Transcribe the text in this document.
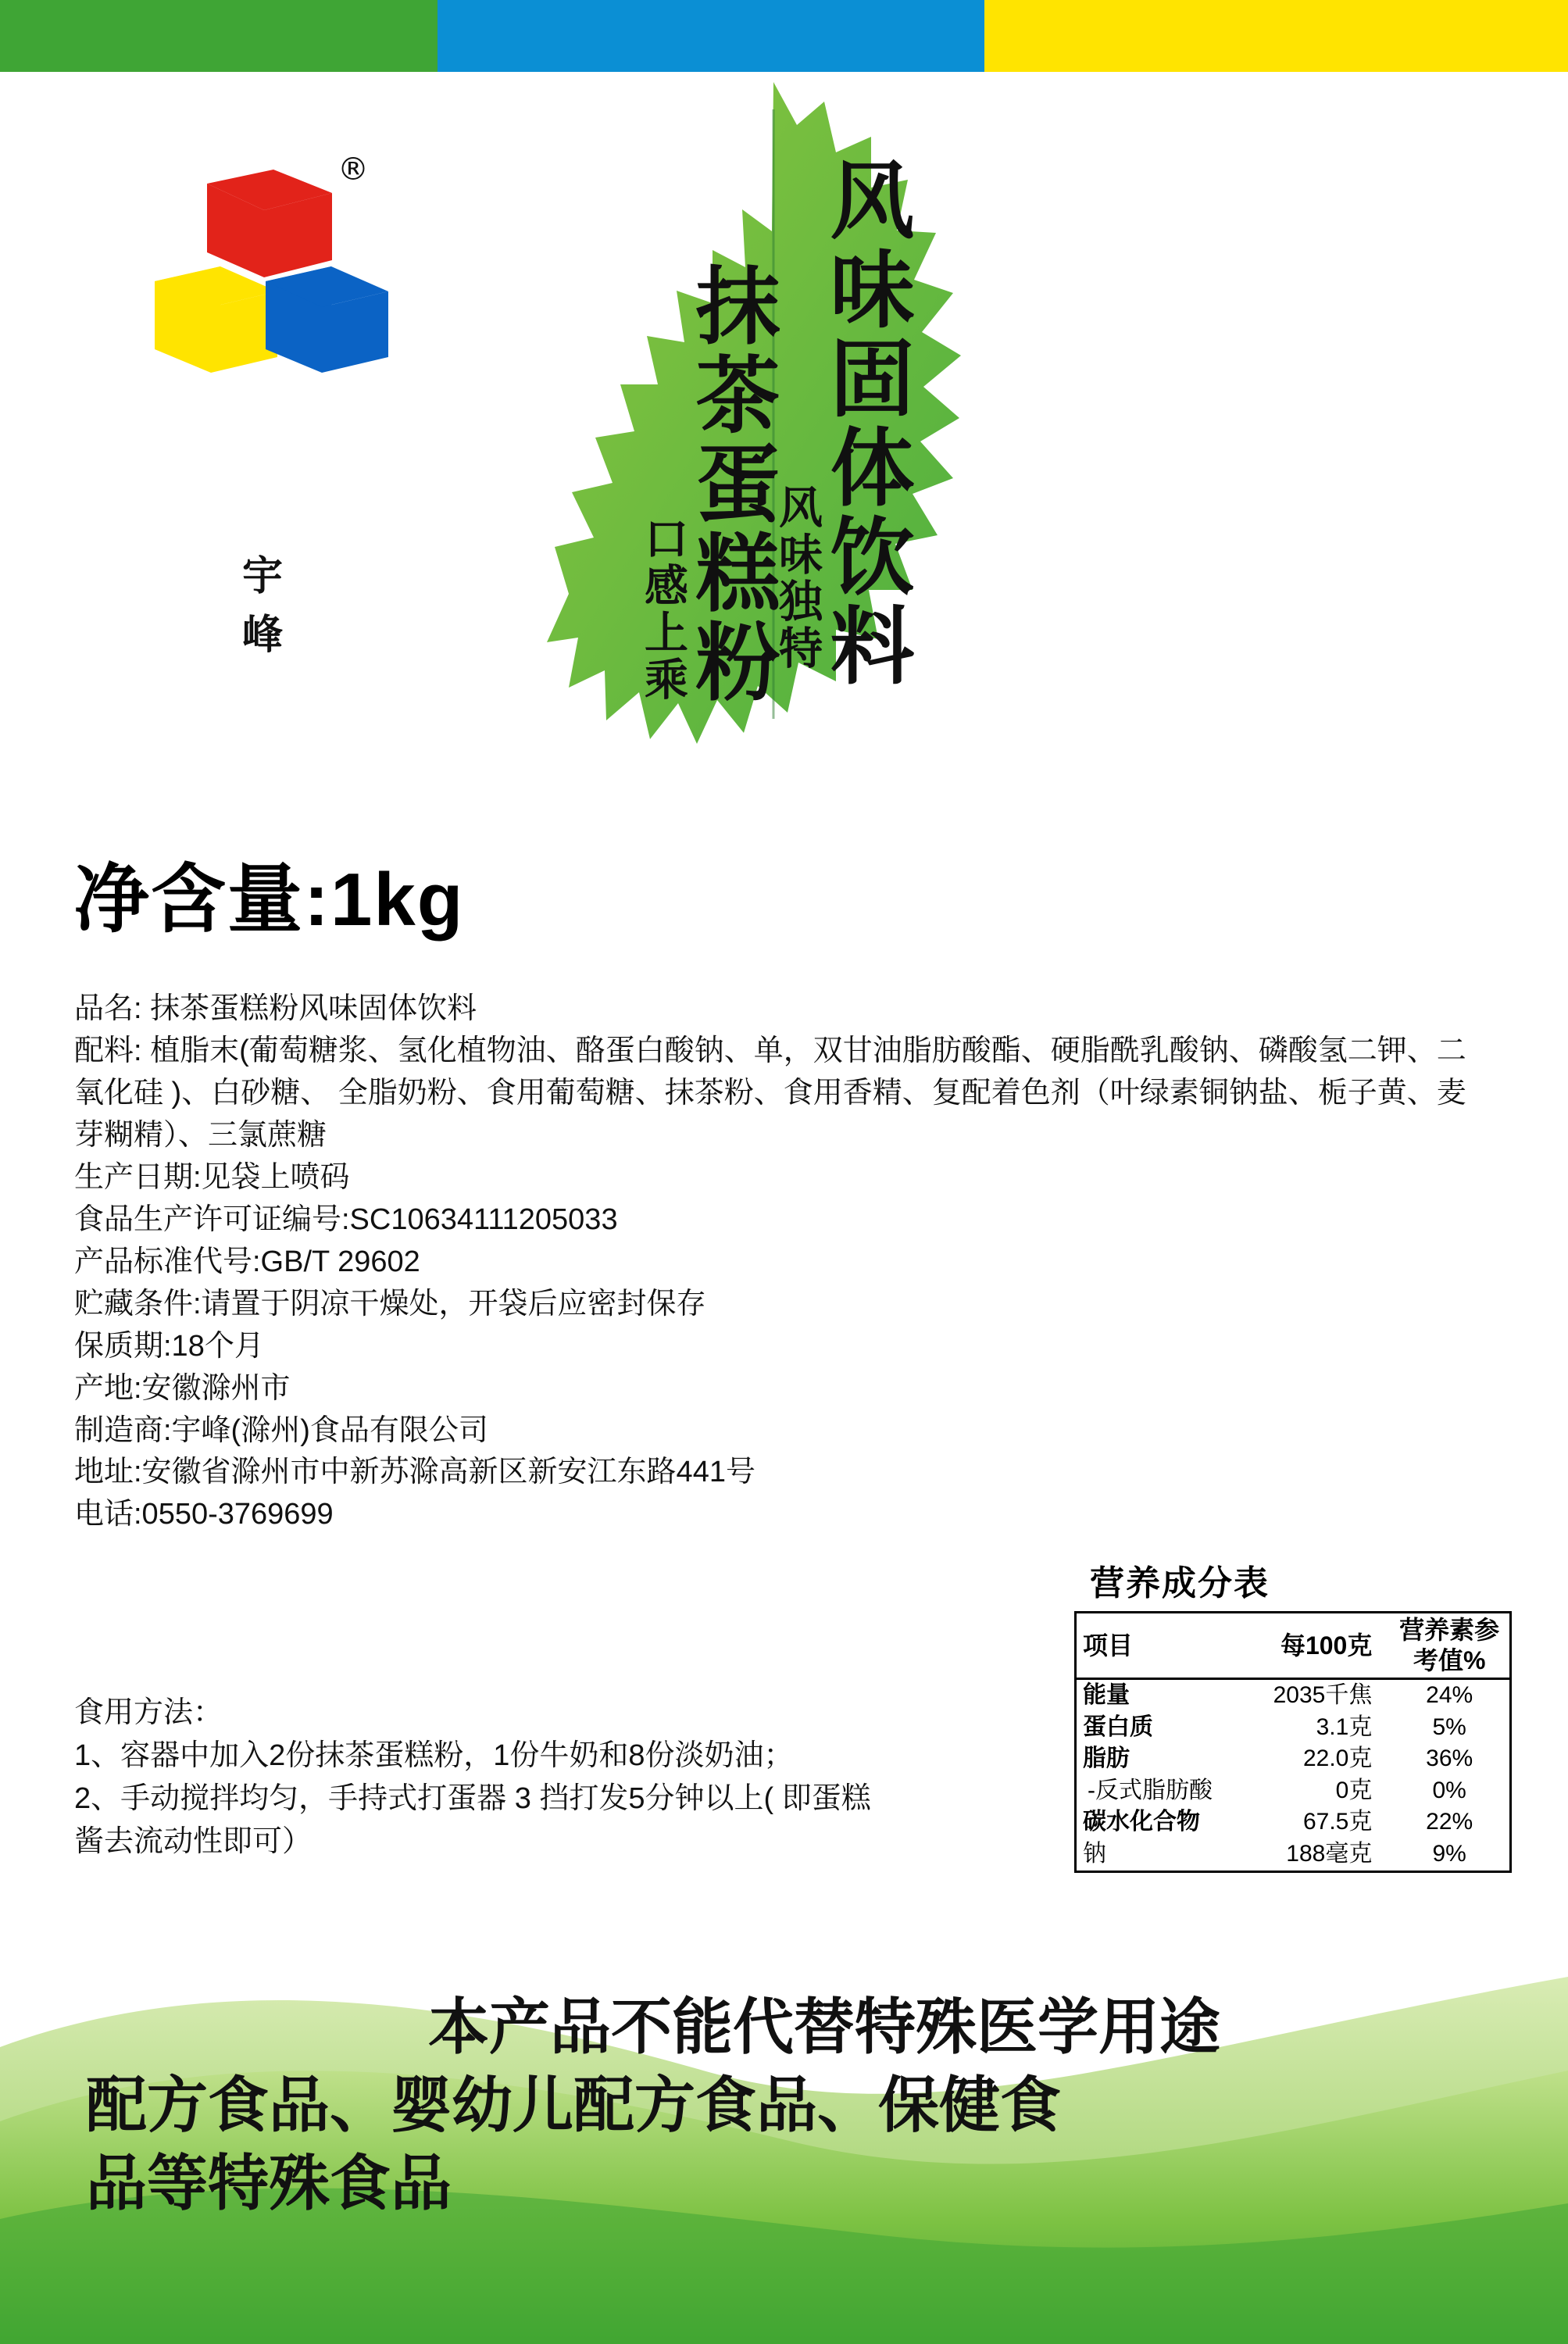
®
宇峰	风味固体饮料
风味独特
抹茶蛋糕粉
口感上乘
净含量:1kg
品名: 抹茶蛋糕粉风味固体饮料
配料: 植脂末(葡萄糖浆、氢化植物油、酪蛋白酸钠、单，双甘油脂肪酸酯、硬脂酰乳酸钠、磷酸氢二钾、二氧化硅 )、白砂糖、 全脂奶粉、食用葡萄糖、抹茶粉、食用香精、复配着色剂（叶绿素铜钠盐、栀子黄、麦芽糊精）、三氯蔗糖
生产日期:见袋上喷码
食品生产许可证编号:SC10634111205033
产品标准代号:GB/T 29602
贮藏条件:请置于阴凉干燥处，开袋后应密封保存
保质期:18个月
产地:安徽滁州市
制造商:宇峰(滁州)食品有限公司
地址:安徽省滁州市中新苏滁高新区新安江东路441号
电话:0550-3769699
食用方法：
1、容器中加入2份抹茶蛋糕粉，1份牛奶和8份淡奶油；
2、手动搅拌均匀，手持式打蛋器 3 挡打发5分钟以上( 即蛋糕酱去流动性即可）
营养成分表
项目	每100克	营养素参考值%
能量	2035千焦	24%
蛋白质	3.1克	5%
脂肪	22.0克	36%
-反式脂肪酸	0克	0%
碳水化合物	67.5克	22%
钠	188毫克	9%
本产品不能代替特殊医学用途
配方食品、婴幼儿配方食品、保健食
品等特殊食品
